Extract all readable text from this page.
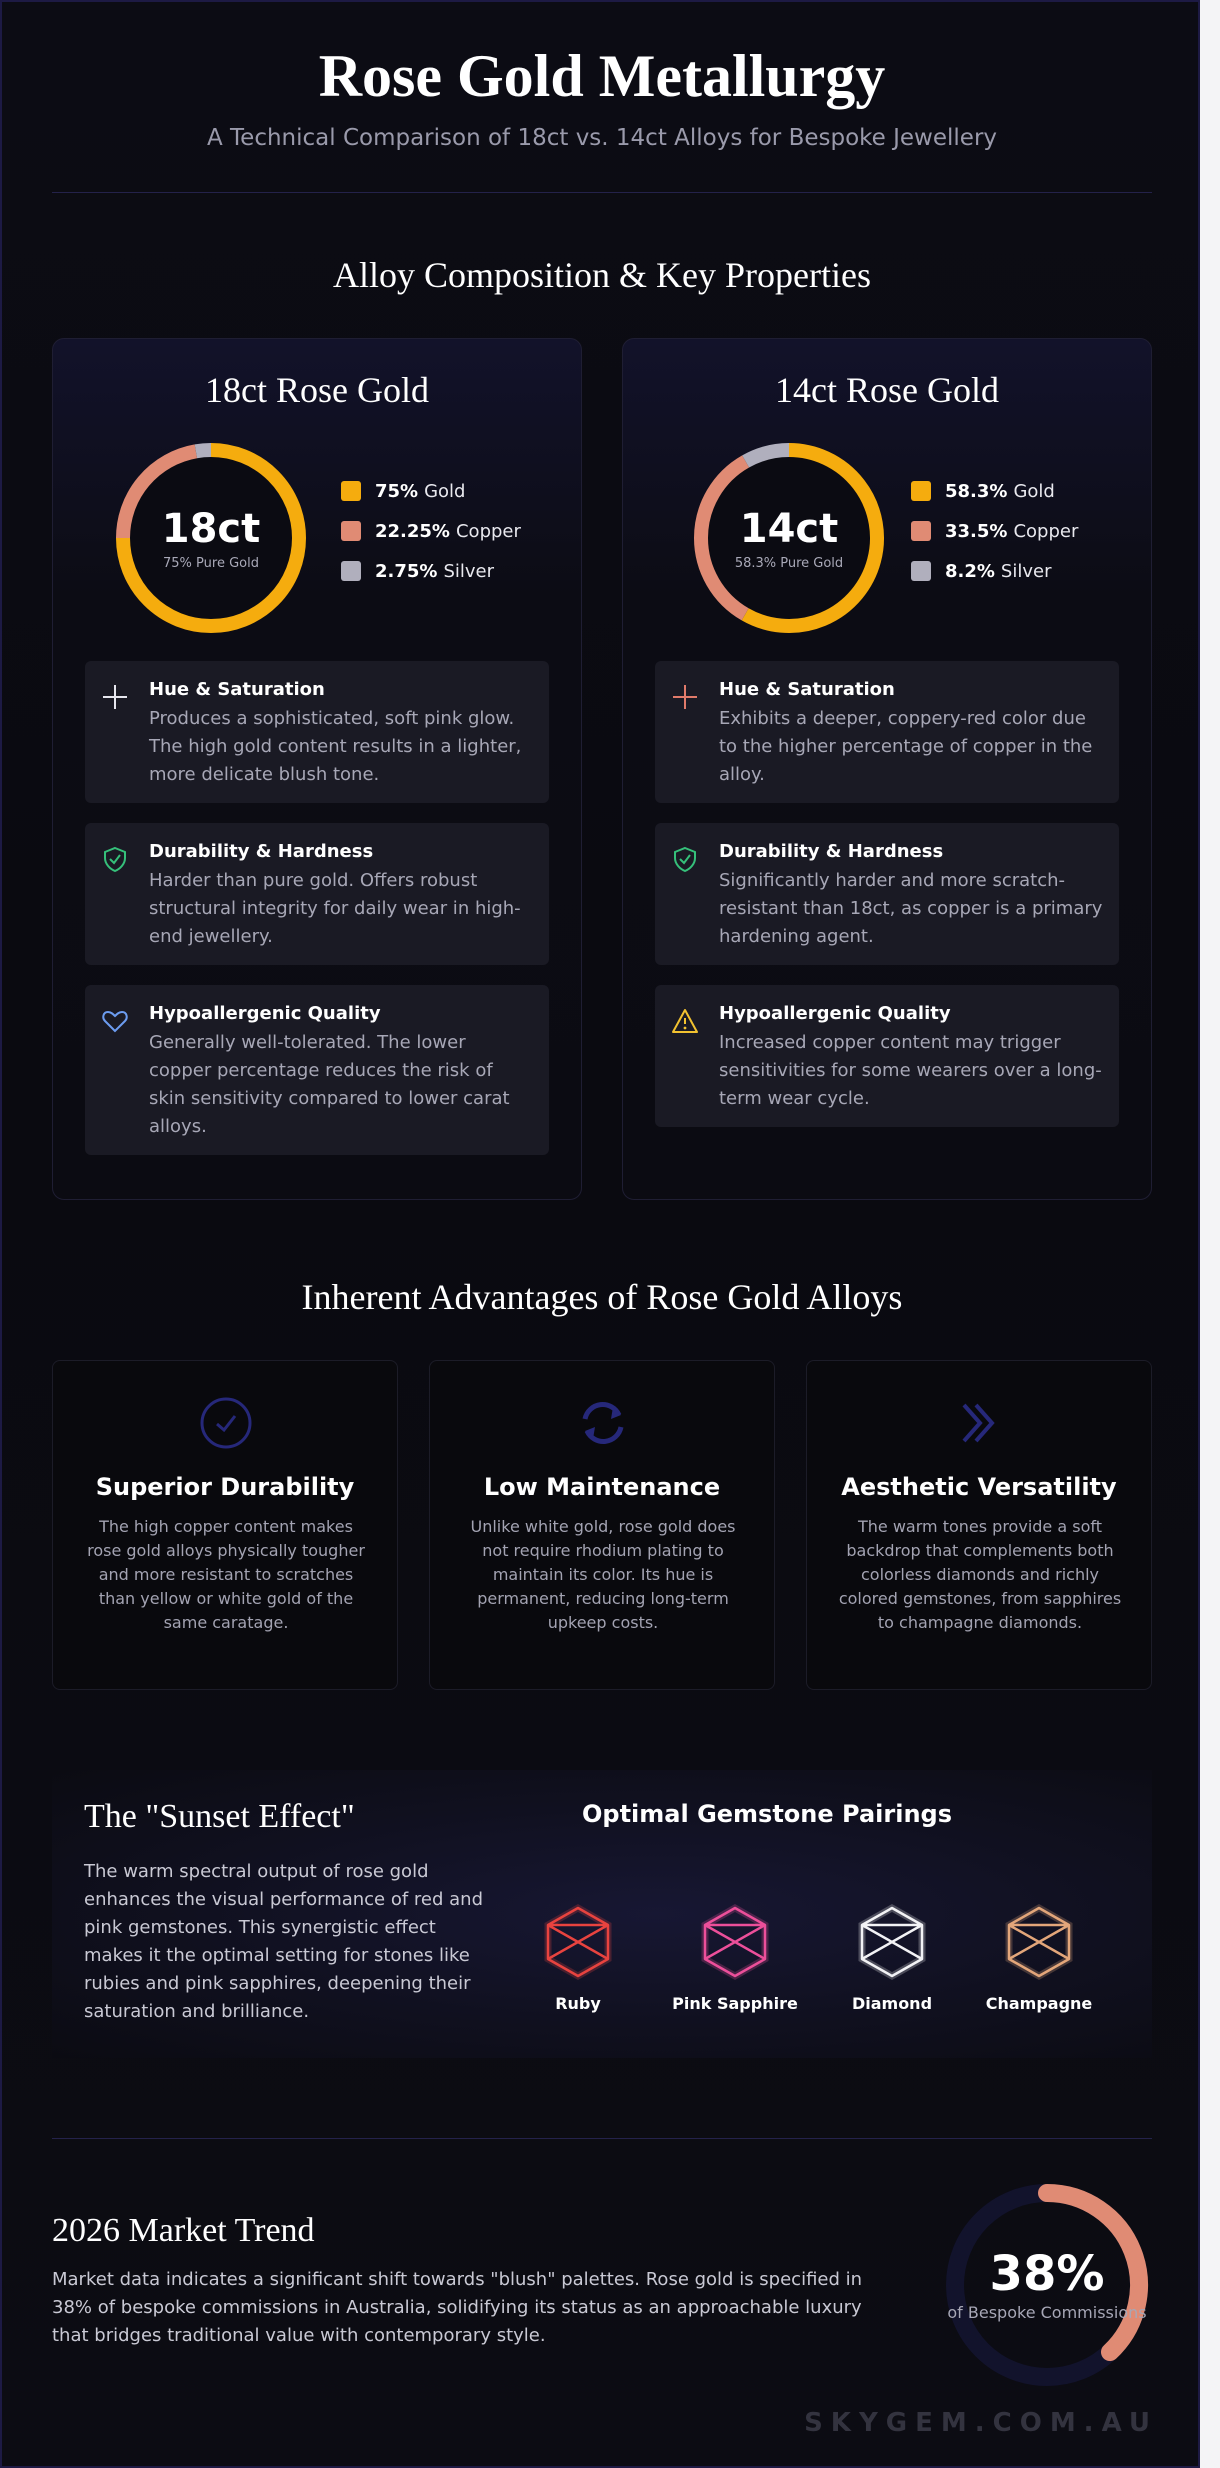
Rose Gold Metallurgy

A Technical Comparison of 18ct vs. 14ct Alloys for Bespoke Jewellery

Alloy Composition & Key Properties
18ct Rose Gold
18ct
75% Pure Gold
75% Gold
22.25% Copper
2.75% Silver
Hue & Saturation
Produces a sophisticated, soft pink glow. The high gold content results in a lighter, more delicate blush tone.
Durability & Hardness
Harder than pure gold. Offers robust structural integrity for daily wear in high-end jewellery.
Hypoallergenic Quality
Generally well-tolerated. The lower copper percentage reduces the risk of skin sensitivity compared to lower carat alloys.
14ct Rose Gold
14ct
58.3% Pure Gold
58.3% Gold
33.5% Copper
8.2% Silver
Hue & Saturation
Exhibits a deeper, coppery-red color due to the higher percentage of copper in the alloy.
Durability & Hardness
Significantly harder and more scratch-resistant than 18ct, as copper is a primary hardening agent.
Hypoallergenic Quality
Increased copper content may trigger sensitivities for some wearers over a long-term wear cycle.
Inherent Advantages of Rose Gold Alloys
Superior Durability

The high copper content makes rose gold alloys physically tougher and more resistant to scratches than yellow or white gold of the same caratage.

Low Maintenance

Unlike white gold, rose gold does not require rhodium plating to maintain its color. Its hue is permanent, reducing long-term upkeep costs.

Aesthetic Versatility

The warm tones provide a soft backdrop that complements both colorless diamonds and richly colored gemstones, from sapphires to champagne diamonds.

The "Sunset Effect"
The warm spectral output of rose gold enhances the visual performance of red and pink gemstones. This synergistic effect makes it the optimal setting for stones like rubies and pink sapphires, deepening their saturation and brilliance.
Optimal Gemstone Pairings
Ruby	Pink Sapphire	Diamond	Champagne
2026 Market Trend
Market data indicates a significant shift towards "blush" palettes. Rose gold is specified in 38% of bespoke commissions in Australia, solidifying its status as an approachable luxury that bridges traditional value with contemporary style.
38%
of Bespoke Commissions
SKYGEM.COM.AU
